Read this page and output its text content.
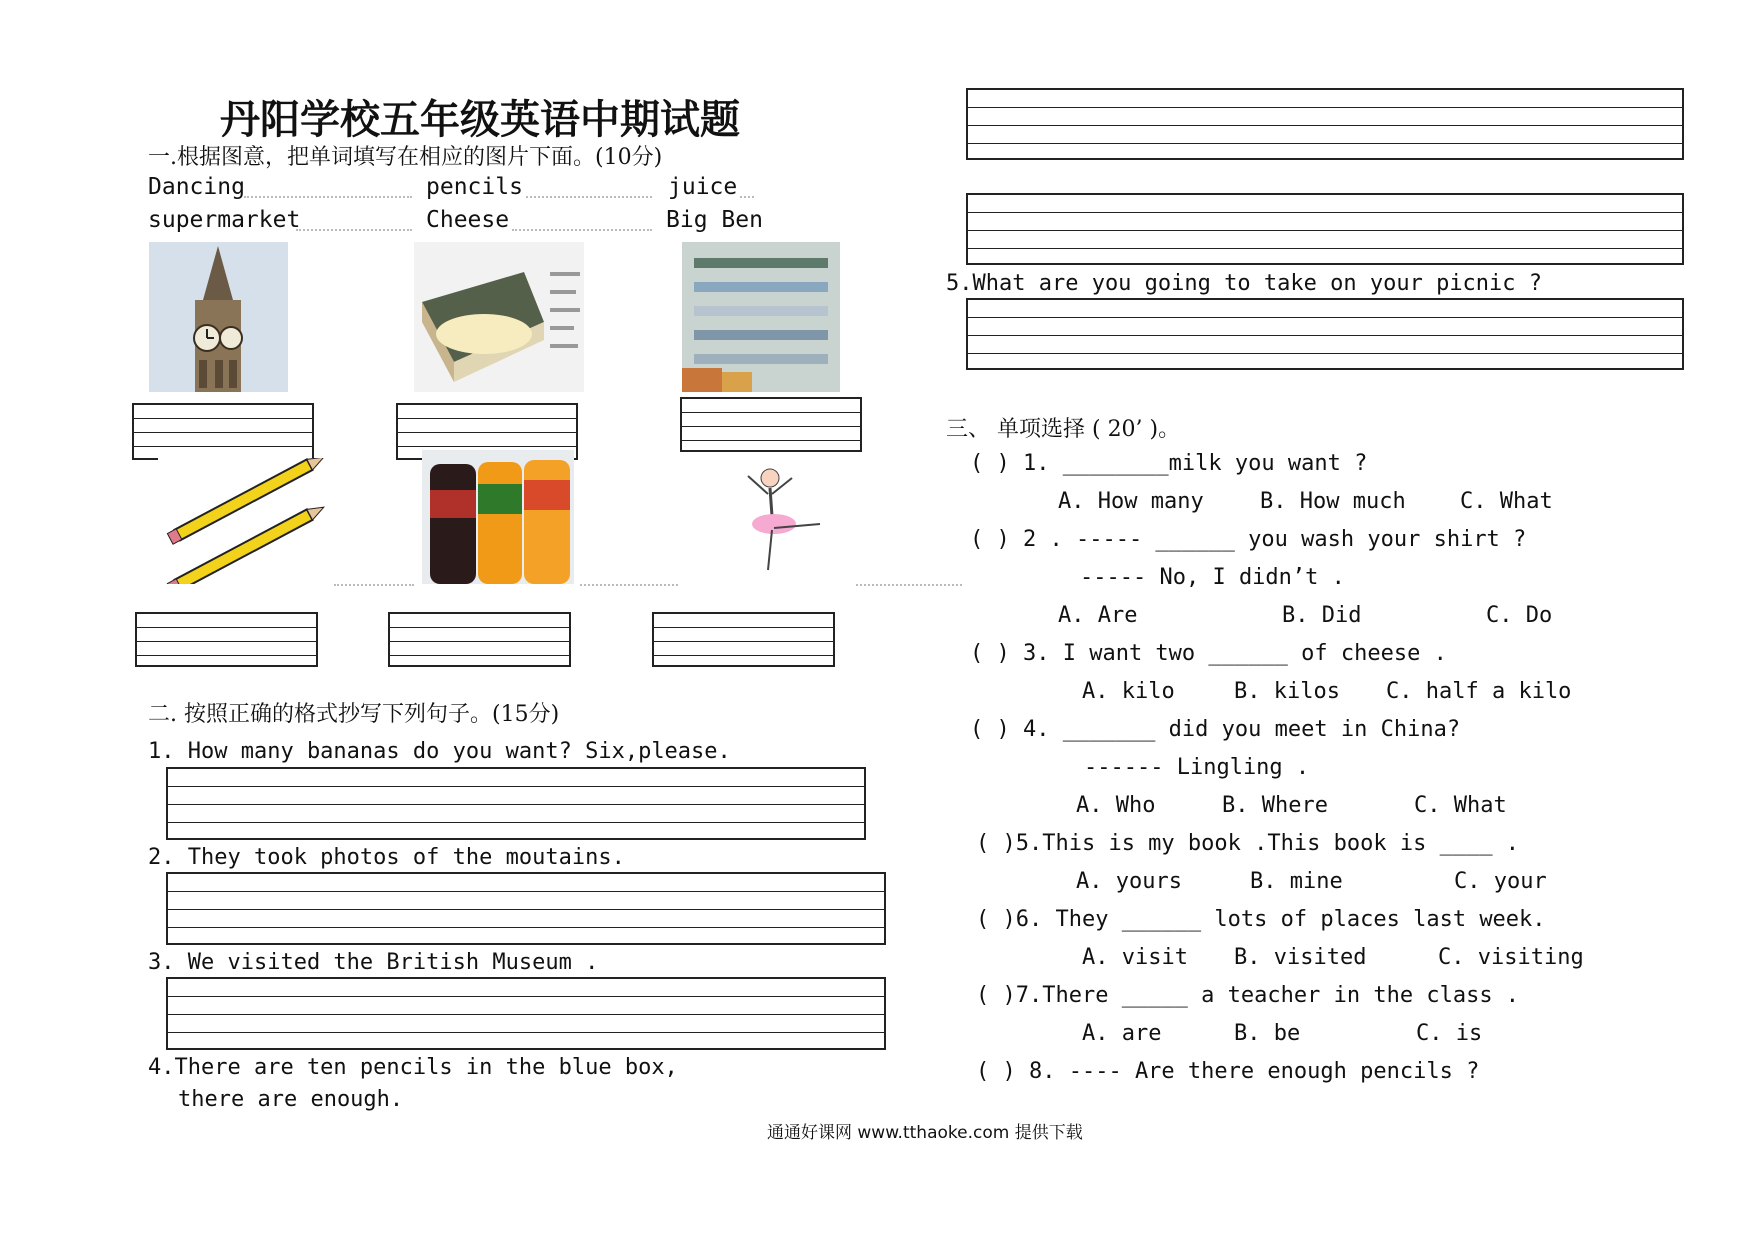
丹阳学校五年级英语中期试题
一.根据图意，把单词填写在相应的图片下面。(10分)
Dancing	pencils	juice
supermarket	Cheese	Big Ben
二. 按照正确的格式抄写下列句子。(15分)
1. How many bananas do you want? Six,please.
2. They took photos of the moutains.
3. We visited the British Museum .
4.There are ten pencils in the blue box,
there are enough.
5.What are you going to take on your picnic ?
三、 单项选择 ( 20’ )。
( ) 1. ________milk you want ?
A. How many	B. How much C. What
( ) 2 . ----- ______ you wash your shirt ?
----- No, I didn’t .
A. Are	B. Did	C. Do
( ) 3. I want two ______ of cheese .
A. kilo	B. kilos C. half a kilo
( ) 4. _______ did you meet in China?
------ Lingling .
A. Who	B. Where	C. What
( )5.This is my book .This book is ____ .
A. yours	B. mine	C. your
( )6. They ______ lots of places last week.
A. visit B. visited	C. visiting
( )7.There _____ a teacher in the class .
A. are	B. be	C. is
( ) 8. ---- Are there enough pencils ?
通通好课网 www.tthaoke.com 提供下载
